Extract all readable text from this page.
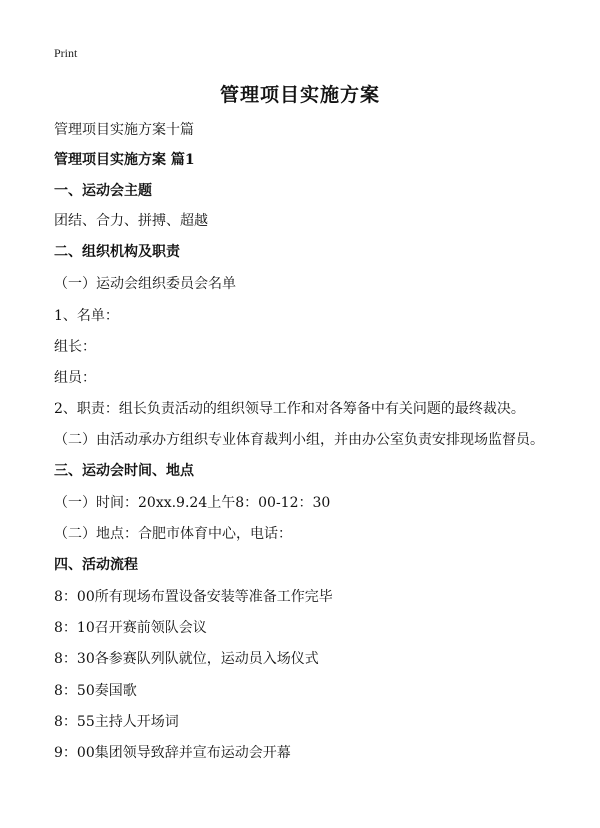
Print
管理项目实施方案
管理项目实施方案十篇
管理项目实施方案 篇1
一、运动会主题
团结、合力、拼搏、超越
二、组织机构及职责
（一）运动会组织委员会名单
1、名单：
组长：
组员：
2、职责：组长负责活动的组织领导工作和对各筹备中有关问题的最终裁决。
（二）由活动承办方组织专业体育裁判小组，并由办公室负责安排现场监督员。
三、运动会时间、地点
（一）时间：20xx.9.24上午8：00-12：30
（二）地点：合肥市体育中心，电话：
四、活动流程
8：00所有现场布置设备安装等准备工作完毕
8：10召开赛前领队会议
8：30各参赛队列队就位，运动员入场仪式
8：50奏国歌
8：55主持人开场词
9：00集团领导致辞并宣布运动会开幕
